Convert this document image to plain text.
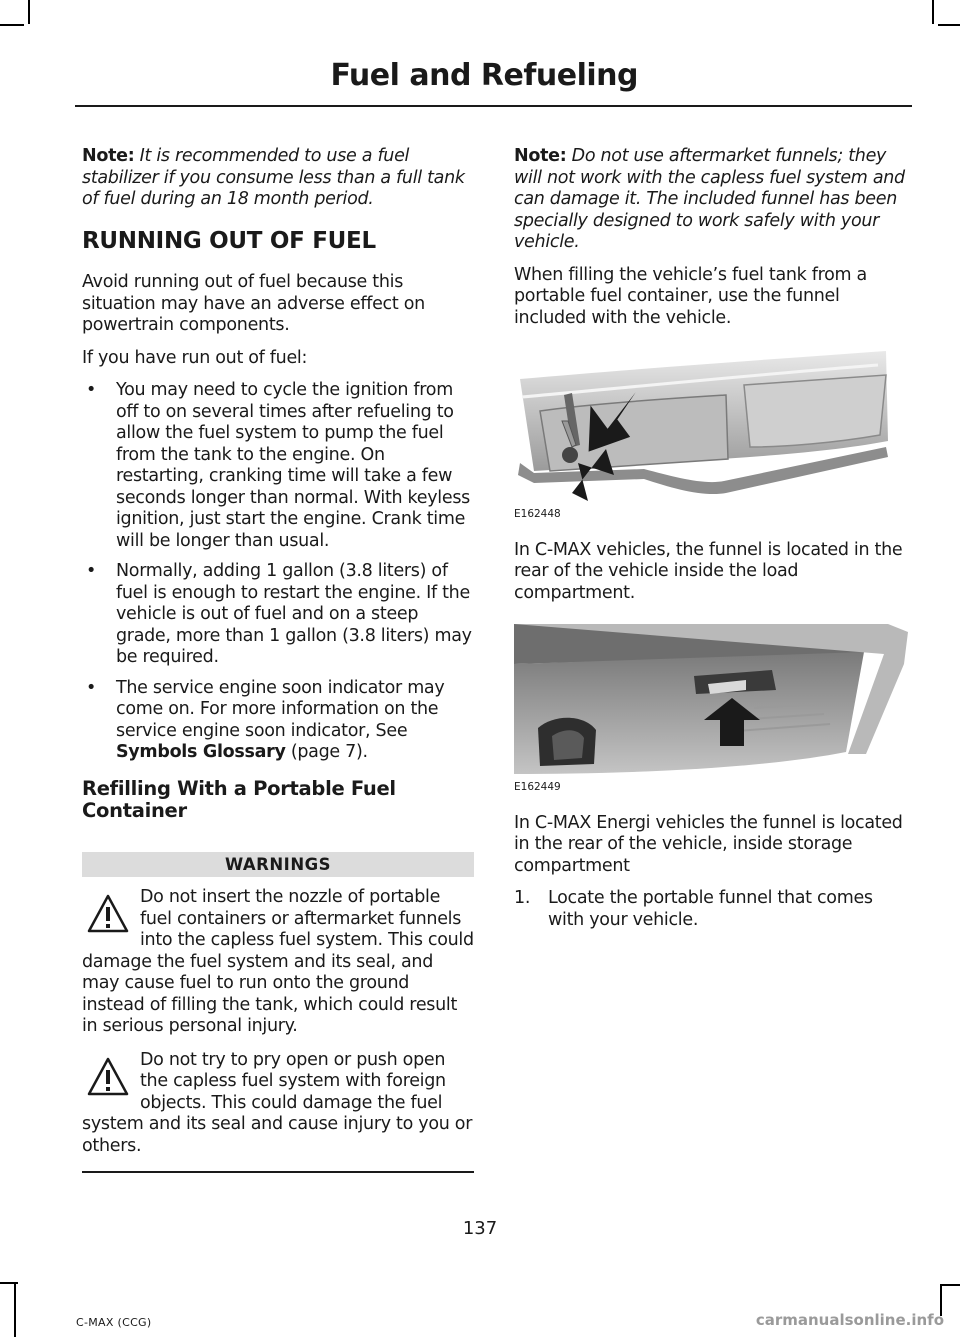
Fuel and Refueling

Note: It is recommended to use a fuel stabilizer if you consume less than a full tank of fuel during an 18 month period.

RUNNING OUT OF FUEL

Avoid running out of fuel because this situation may have an adverse effect on powertrain components.

If you have run out of fuel:

• You may need to cycle the ignition from off to on several times after refueling to allow the fuel system to pump the fuel from the tank to the engine. On restarting, cranking time will take a few seconds longer than normal. With keyless ignition, just start the engine. Crank time will be longer than usual.
• Normally, adding 1 gallon (3.8 liters) of fuel is enough to restart the engine. If the vehicle is out of fuel and on a steep grade, more than 1 gallon (3.8 liters) may be required.
• The service engine soon indicator may come on. For more information on the service engine soon indicator, See Symbols Glossary (page 7).
Refilling With a Portable Fuel Container
WARNINGS
Do not insert the nozzle of portable fuel containers or aftermarket funnels into the capless fuel system. This could damage the fuel system and its seal, and may cause fuel to run onto the ground instead of filling the tank, which could result in serious personal injury.
Do not try to pry open or push open the capless fuel system with foreign objects. This could damage the fuel system and its seal and cause injury to you or others.

Note: Do not use aftermarket funnels; they will not work with the capless fuel system and can damage it. The included funnel has been specially designed to work safely with your vehicle.

When filling the vehicle’s fuel tank from a portable fuel container, use the funnel included with the vehicle.

E162448

In C-MAX vehicles, the funnel is located in the rear of the vehicle inside the load compartment.

E162449

In C-MAX Energi vehicles the funnel is located in the rear of the vehicle, inside storage compartment

1. Locate the portable funnel that comes with your vehicle.
137
C-MAX (CCG)	carmanualsonline.info
